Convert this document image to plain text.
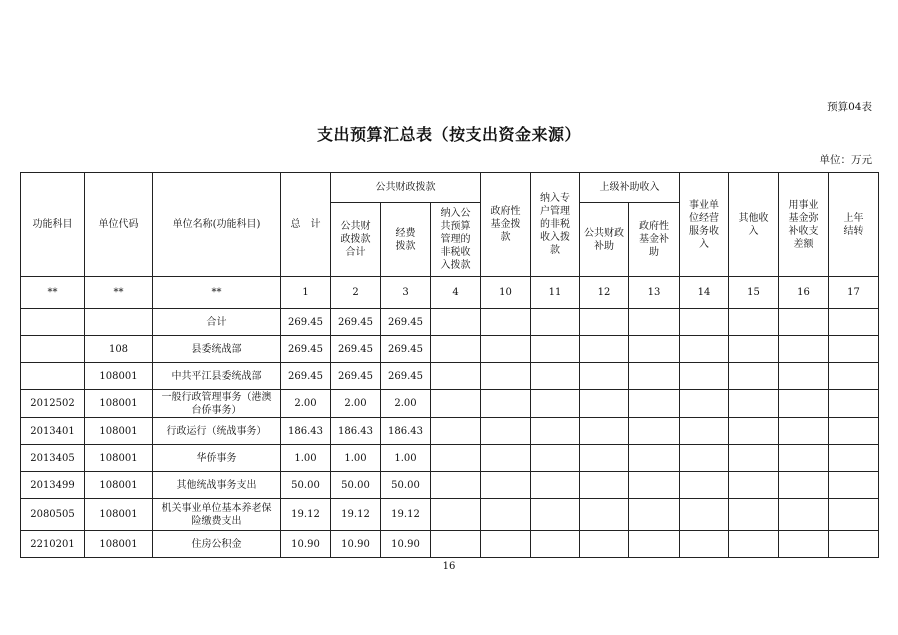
预算04表
支出预算汇总表（按支出资金来源）
单位：万元
功能科目	单位代码	单位名称(功能科目)	总　计	公共财政拨款			政府性基金拨款	纳入专户管理的非税收入拨款	上级补助收入		事业单位经营服务收入	其他收入	用事业基金弥补收支差额	上年结转
				公共财政拨款合计	经费拨款	纳入公共预算管理的非税收入拨款			公共财政补助	政府性基金补助				
**	**	**	1	2	3	4	10	11	12	13	14	15	16	17
		合计	269.45	269.45	269.45									
	108	县委统战部	269.45	269.45	269.45									
	108001	中共平江县委统战部	269.45	269.45	269.45									
2012502	108001	一般行政管理事务（港澳台侨事务）	2.00	2.00	2.00									
2013401	108001	行政运行（统战事务）	186.43	186.43	186.43									
2013405	108001	华侨事务	1.00	1.00	1.00									
2013499	108001	其他统战事务支出	50.00	50.00	50.00									
2080505	108001	机关事业单位基本养老保险缴费支出	19.12	19.12	19.12									
2210201	108001	住房公积金	10.90	10.90	10.90									
16
